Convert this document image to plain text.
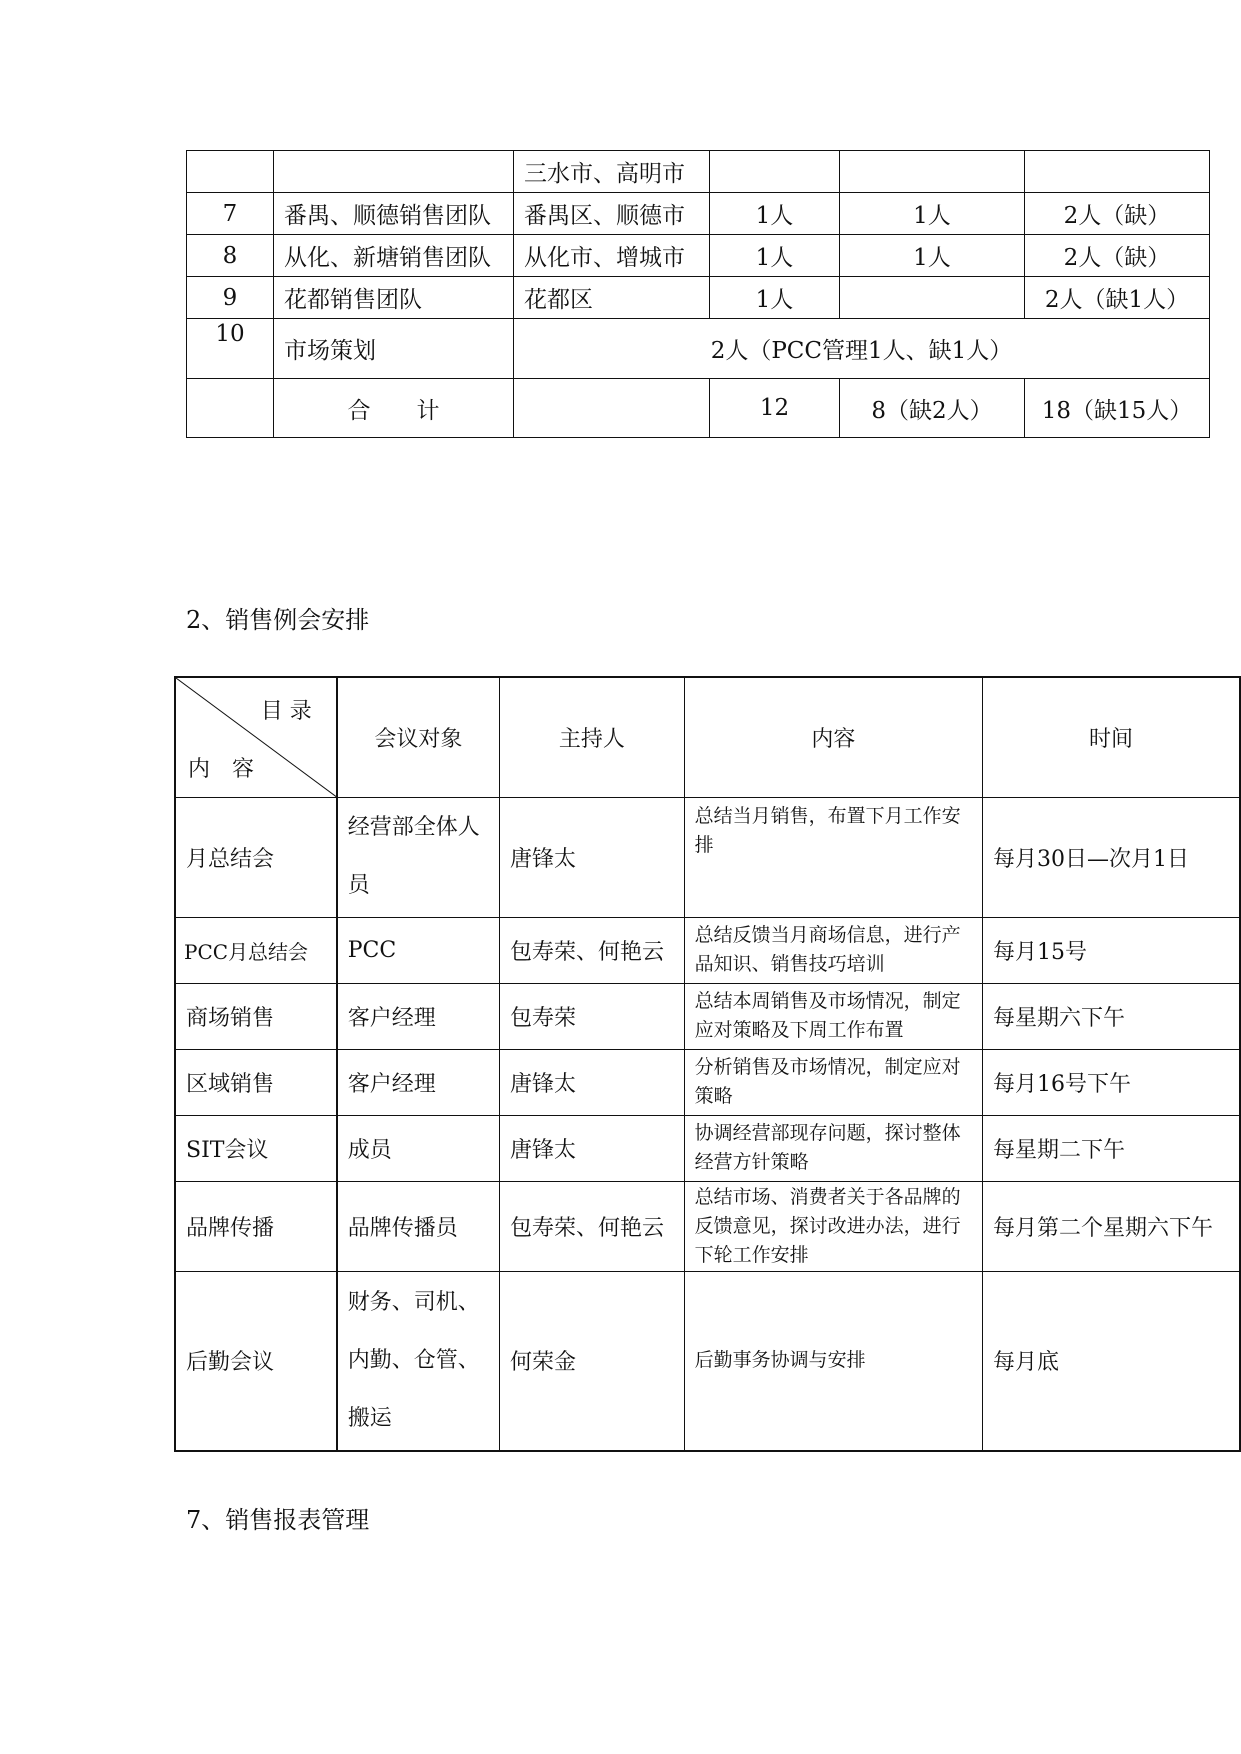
		三水市、高明市			
7	番禺、顺德销售团队	番禺区、顺德市	1人	1人	2人（缺）
8	从化、新塘销售团队	从化市、增城市	1人	1人	2人（缺）
9	花都销售团队	花都区	1人		2人（缺1人）
10	市场策划	2人（PCC管理1人、缺1人）			
	合　　计		12	8（缺2人）	18（缺15人）

2、销售例会安排

目 录
内　容	会议对象	主持人	内容	时间
月总结会	经营部全体人员	唐锋太	总结当月销售，布置下月工作安排	每月30日—次月1日
PCC月总结会	PCC	包寿荣、何艳云	总结反馈当月商场信息，进行产品知识、销售技巧培训	每月15号
商场销售	客户经理	包寿荣	总结本周销售及市场情况，制定应对策略及下周工作布置	每星期六下午
区域销售	客户经理	唐锋太	分析销售及市场情况，制定应对策略	每月16号下午
SIT会议	成员	唐锋太	协调经营部现存问题，探讨整体经营方针策略	每星期二下午
品牌传播	品牌传播员	包寿荣、何艳云	总结市场、消费者关于各品牌的反馈意见，探讨改进办法，进行下轮工作安排	每月第二个星期六下午
后勤会议	财务、司机、内勤、仓管、搬运	何荣金	后勤事务协调与安排	每月底

7、销售报表管理
